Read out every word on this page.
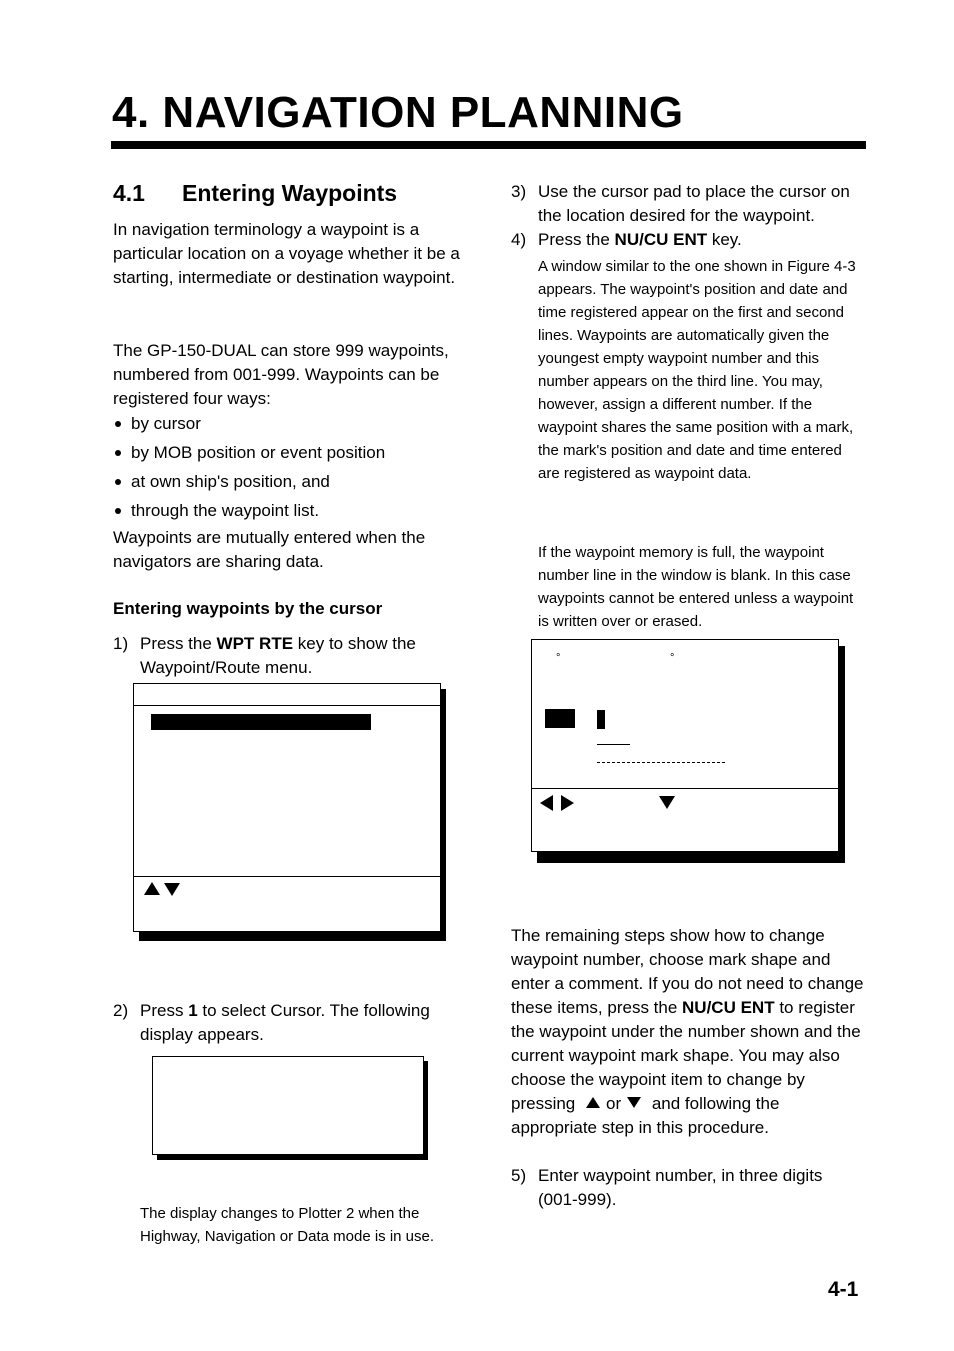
4. NAVIGATION PLANNING
4.1 Entering Waypoints
In navigation terminology a waypoint is a particular location on a voyage whether it be a starting, intermediate or destination waypoint.
The GP-150-DUAL can store 999 waypoints, numbered from 001-999. Waypoints can be registered four ways:
by cursor
by MOB position or event position
at own ship's position, and
through the waypoint list.
Waypoints are mutually entered when the navigators are sharing data.
Entering waypoints by the cursor
1) Press the WPT RTE key to show the Waypoint/Route menu.
2) Press 1 to select Cursor. The following display appears.
The display changes to Plotter 2 when the Highway, Navigation or Data mode is in use.
3) Use the cursor pad to place the cursor on the location desired for the waypoint.
4) Press the NU/CU ENT key.
A window similar to the one shown in Figure 4-3 appears. The waypoint's position and date and time registered appear on the first and second lines. Waypoints are automatically given the youngest empty waypoint number and this number appears on the third line. You may, however, assign a different number. If the waypoint shares the same position with a mark, the mark's position and date and time entered are registered as waypoint data.
If the waypoint memory is full, the waypoint number line in the window is blank. In this case waypoints cannot be entered unless a waypoint is written over or erased.
°	°
The remaining steps show how to change waypoint number, choose mark shape and enter a comment. If you do not need to change these items, press the NU/CU ENT to register the waypoint under the number shown and the current waypoint mark shape. You may also choose the waypoint item to change by pressing or and following the appropriate step in this procedure.
5) Enter waypoint number, in three digits (001-999).
4-1
